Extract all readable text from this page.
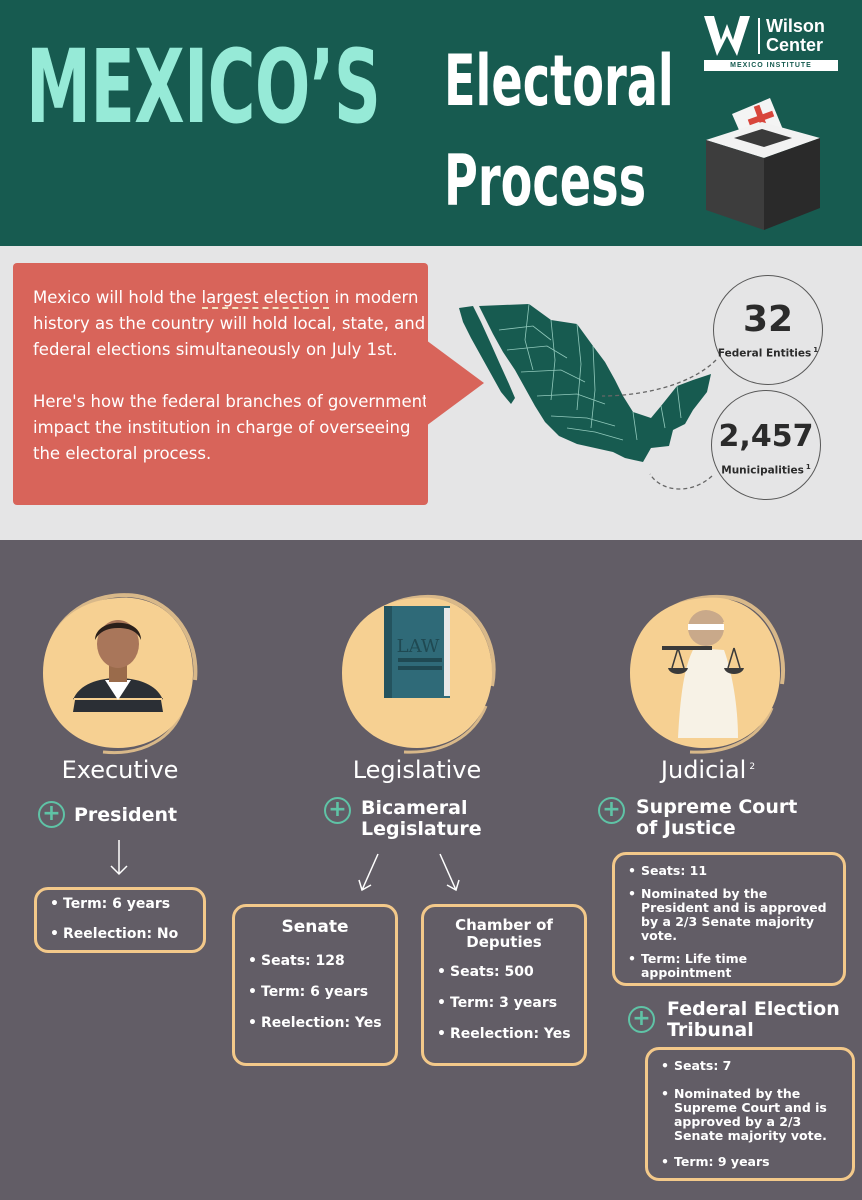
MEXICO’S Electoral
Process
Wilson
Center
MEXICO INSTITUTE

Mexico will hold the largest election in modern history as the country will hold local, state, and federal elections simultaneously on July 1st.

Here's how the federal branches of government impact the institution in charge of overseeing the electoral process.

32
Federal Entities $^1$
2,457
Municipalities $^1$
Executive
LAW
Legislative	Judicial $^2$
+ President
• Term: 6 years
• Reelection: No
+ Bicameral
Legislature
Senate
• Seats: 128
• Term: 6 years
• Reelection: Yes
Chamber of
Deputies
• Seats: 500
• Term: 3 years
• Reelection: Yes
+ Supreme Court
of Justice
• Seats: 11
• Nominated by the President and is approved by a 2/3 Senate majority vote.
• Term: Life time appointment
+ Federal Election
Tribunal
• Seats: 7
• Nominated by the Supreme Court and is approved by a 2/3 Senate majority vote.
• Term: 9 years
